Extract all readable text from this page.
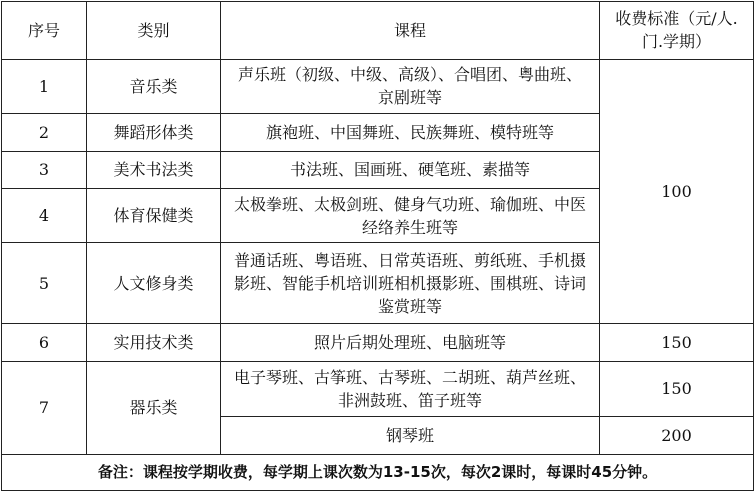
序号	类别	课程	收费标准（元/人.门.学期）
1	音乐类	声乐班（初级、中级、高级）、合唱团、粤曲班、京剧班等	100
2	舞蹈形体类	旗袍班、中国舞班、民族舞班、模特班等	
3	美术书法类	书法班、国画班、硬笔班、素描等	
4	体育保健类	太极拳班、太极剑班、健身气功班、瑜伽班、中医经络养生班等	
5	人文修身类	普通话班、粤语班、日常英语班、剪纸班、手机摄影班、智能手机培训班相机摄影班、围棋班、诗词鉴赏班等	
6	实用技术类	照片后期处理班、电脑班等	150
7	器乐类	电子琴班、古筝班、古琴班、二胡班、葫芦丝班、非洲鼓班、笛子班等	150
		钢琴班	200
备注：课程按学期收费，每学期上课次数为13-15次，每次2课时，每课时45分钟。			
